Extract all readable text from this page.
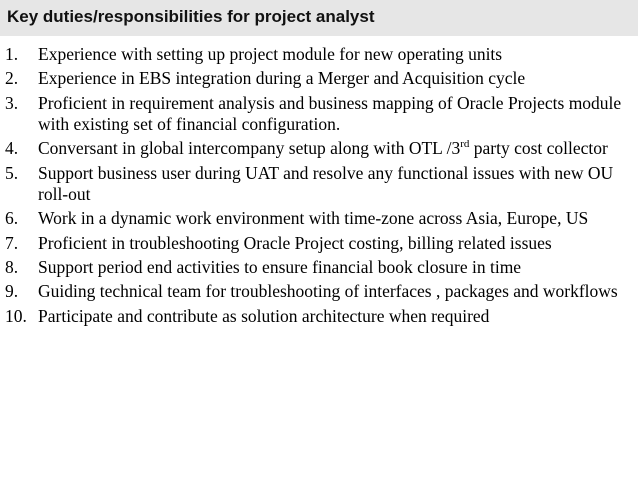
Key duties/responsibilities for project analyst
1. Experience with setting up project module for new operating units
2. Experience in EBS integration during a Merger and Acquisition cycle
3. Proficient in requirement analysis and business mapping of Oracle Projects module with existing set of financial configuration.
4. Conversant in global intercompany setup along with OTL /3rd party cost collector
5. Support business user during UAT and resolve any functional issues with new OU roll-out
6. Work in a dynamic work environment with time-zone across Asia, Europe, US
7. Proficient in troubleshooting Oracle Project costing, billing related issues
8. Support period end activities to ensure financial book closure in time
9. Guiding technical team for troubleshooting of interfaces , packages and workflows
10. Participate and contribute as solution architecture when required
